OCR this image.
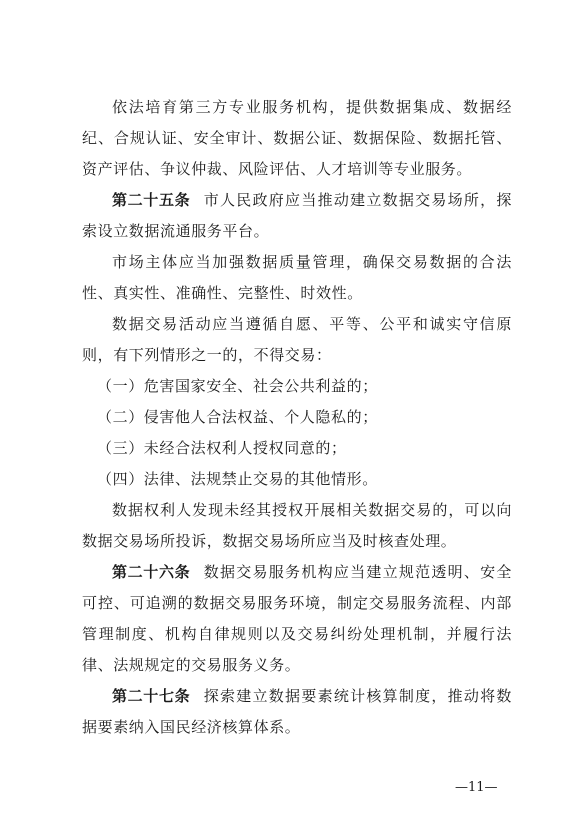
依法培育第三方专业服务机构，提供数据集成、数据经纪、合规认证、安全审计、数据公证、数据保险、数据托管、资产评估、争议仲裁、风险评估、人才培训等专业服务。

第二十五条 市人民政府应当推动建立数据交易场所，探索设立数据流通服务平台。

市场主体应当加强数据质量管理，确保交易数据的合法性、真实性、准确性、完整性、时效性。

数据交易活动应当遵循自愿、平等、公平和诚实守信原则，有下列情形之一的，不得交易：

（一）危害国家安全、社会公共利益的；

（二）侵害他人合法权益、个人隐私的；

（三）未经合法权利人授权同意的；

（四）法律、法规禁止交易的其他情形。

数据权利人发现未经其授权开展相关数据交易的，可以向数据交易场所投诉，数据交易场所应当及时核查处理。

第二十六条 数据交易服务机构应当建立规范透明、安全可控、可追溯的数据交易服务环境，制定交易服务流程、内部管理制度、机构自律规则以及交易纠纷处理机制，并履行法律、法规规定的交易服务义务。

第二十七条 探索建立数据要素统计核算制度，推动将数据要素纳入国民经济核算体系。

—11—
